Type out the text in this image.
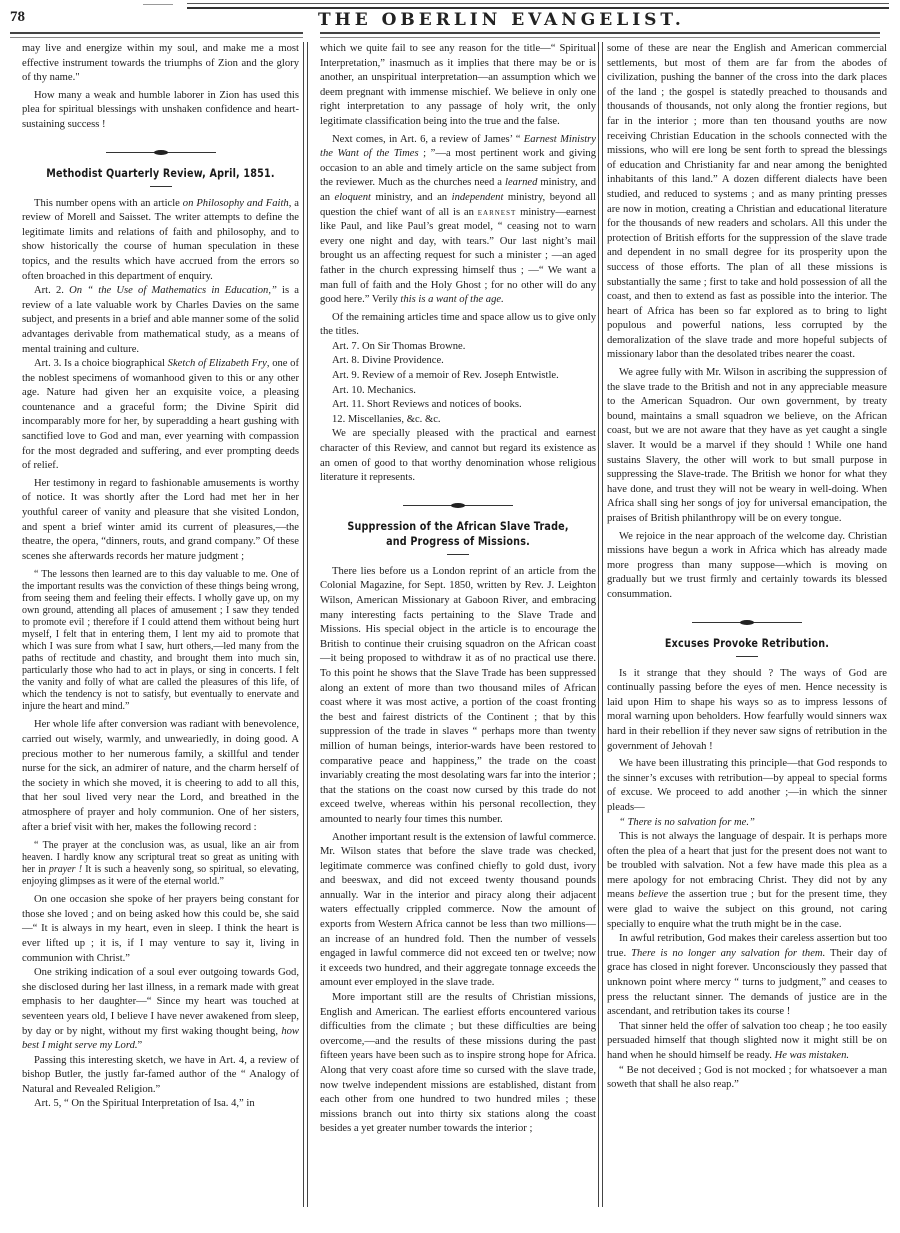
78	THE OBERLIN EVANGELIST.

may live and energize within my soul, and make me a most effective instrument towards the triumphs of Zion and the glory of thy name."

How many a weak and humble laborer in Zion has used this plea for spiritual blessings with unshaken confidence and heart-sustaining success !

Methodist Quarterly Review, April, 1851.

This number opens with an article on Philosophy and Faith, a review of Morell and Saisset. The writer attempts to define the legitimate limits and relations of faith and philosophy, and to show historically the course of human speculation in these topics, and the results which have accrued from the errors so often broached in this department of enquiry.

Art. 2. On “ the Use of Mathematics in Education,” is a review of a late valuable work by Charles Davies on the same subject, and presents in a brief and able manner some of the solid advantages derivable from mathematical study, as a means of mental training and culture.

Art. 3. Is a choice biographical Sketch of Elizabeth Fry, one of the noblest specimens of womanhood given to this or any other age. Nature had given her an exquisite voice, a pleasing countenance and a graceful form; the Divine Spirit did incomparably more for her, by superadding a heart gushing with sanctified love to God and man, ever yearning with compassion for the most degraded and suffering, and ever prompting deeds of relief.

Her testimony in regard to fashionable amusements is worthy of notice. It was shortly after the Lord had met her in her youthful career of vanity and pleasure that she visited London, and spent a brief winter amid its current of pleasures,—the theatre, the opera, “dinners, routs, and grand company.” Of these scenes she afterwards records her mature judgment ;

“ The lessons then learned are to this day valuable to me. One of the important results was the conviction of these things being wrong, from seeing them and feeling their effects. I wholly gave up, on my own ground, attending all places of amusement ; I saw they tended to promote evil ; therefore if I could attend them without being hurt myself, I felt that in entering them, I lent my aid to promote that which I was sure from what I saw, hurt others,—led many from the paths of rectitude and chastity, and brought them into much sin, particularly those who had to act in plays, or sing in concerts. I felt the vanity and folly of what are called the pleasures of this life, of which the tendency is not to satisfy, but eventually to enervate and injure the heart and mind.”

Her whole life after conversion was radiant with benevolence, carried out wisely, warmly, and unweariedly, in doing good. A precious mother to her numerous family, a skillful and tender nurse for the sick, an admirer of nature, and the charm herself of the society in which she moved, it is cheering to add to all this, that her soul lived very near the Lord, and breathed in the atmosphere of prayer and holy communion. One of her sisters, after a brief visit with her, makes the following record :

“ The prayer at the conclusion was, as usual, like an air from heaven. I hardly know any scriptural treat so great as uniting with her in prayer ! It is such a heavenly song, so spiritual, so elevating, enjoying glimpses as it were of the eternal world.”

On one occasion she spoke of her prayers being constant for those she loved ; and on being asked how this could be, she said—“ It is always in my heart, even in sleep. I think the heart is ever lifted up ; it is, if I may venture to say it, living in communion with Christ.”

One striking indication of a soul ever outgoing towards God, she disclosed during her last illness, in a remark made with great emphasis to her daughter—“ Since my heart was touched at seventeen years old, I believe I have never awakened from sleep, by day or by night, without my first waking thought being, how best I might serve my Lord.”

Passing this interesting sketch, we have in Art. 4, a review of bishop Butler, the justly far-famed author of the “ Analogy of Natural and Revealed Religion.”

Art. 5, “ On the Spiritual Interpretation of Isa. 4,” in

which we quite fail to see any reason for the title—“ Spiritual Interpretation,” inasmuch as it implies that there may be or is another, an unspiritual interpretation—an assumption which we deem pregnant with immense mischief. We believe in only one right interpretation to any passage of holy writ, the only legitimate classification being into the true and the false.

Next comes, in Art. 6, a review of James’ “ Earnest Ministry the Want of the Times ; ”—a most pertinent work and giving occasion to an able and timely article on the same subject from the reviewer. Much as the churches need a learned ministry, and an eloquent ministry, and an independent ministry, beyond all question the chief want of all is an earnest ministry—earnest like Paul, and like Paul’s great model, “ ceasing not to warn every one night and day, with tears.” Our last night’s mail brought us an affecting request for such a minister ; —an aged father in the church expressing himself thus ; —“ We want a man full of faith and the Holy Ghost ; for no other will do any good here.” Verily this is a want of the age.

Of the remaining articles time and space allow us to give only the titles.

Art. 7. On Sir Thomas Browne.

Art. 8. Divine Providence.

Art. 9. Review of a memoir of Rev. Joseph Entwistle.

Art. 10. Mechanics.

Art. 11. Short Reviews and notices of books.

12. Miscellanies, &c. &c.

We are specially pleased with the practical and earnest character of this Review, and cannot but regard its existence as an omen of good to that worthy denomination whose religious literature it represents.

Suppression of the African Slave Trade, and Progress of Missions.

There lies before us a London reprint of an article from the Colonial Magazine, for Sept. 1850, written by Rev. J. Leighton Wilson, American Missionary at Gaboon River, and embracing many interesting facts pertaining to the Slave Trade and Missions. His special object in the article is to encourage the British to continue their cruising squadron on the African coast—it being proposed to withdraw it as of no practical use there. To this point he shows that the Slave Trade has been suppressed along an extent of more than two thousand miles of African coast where it was most active, a portion of the coast fronting the best and fairest districts of the Continent ; that by this suppression of the trade in slaves “ perhaps more than twenty million of human beings, interior-wards have been restored to comparative peace and happiness,” the trade on the coast invariably creating the most desolating wars far into the interior ; that the stations on the coast now cursed by this trade do not exceed twelve, whereas within his personal recollection, they amounted to nearly four times this number.

Another important result is the extension of lawful commerce. Mr. Wilson states that before the slave trade was checked, legitimate commerce was confined chiefly to gold dust, ivory and beeswax, and did not exceed twenty thousand pounds annually. War in the interior and piracy along their adjacent waters effectually crippled commerce. Now the amount of exports from Western Africa cannot be less than two millions—an increase of an hundred fold. Then the number of vessels engaged in lawful commerce did not exceed ten or twelve; now it exceeds two hundred, and their aggregate tonnage exceeds the amount ever employed in the slave trade.

More important still are the results of Christian missions, English and American. The earliest efforts encountered various difficulties from the climate ; but these difficulties are being overcome,—and the results of these missions during the past fifteen years have been such as to inspire strong hope for Africa. Along that very coast afore time so cursed with the slave trade, now twelve independent missions are established, distant from each other from one hundred to two hundred miles ; these missions branch out into thirty six stations along the coast besides a yet greater number towards the interior ;

some of these are near the English and American commercial settlements, but most of them are far from the abodes of civilization, pushing the banner of the cross into the dark places of the land ; the gospel is statedly preached to thousands and thousands of thousands, not only along the frontier regions, but far in the interior ; more than ten thousand youths are now receiving Christian Education in the schools connected with the missions, who will ere long be sent forth to spread the blessings of education and Christianity far and near among the benighted inhabitants of this land.” A dozen different dialects have been studied, and reduced to systems ; and as many printing presses are now in motion, creating a Christian and educational literature for the thousands of new readers and scholars. All this under the protection of British efforts for the suppression of the slave trade and dependent in no small degree for its prosperity upon the success of those efforts. The plan of all these missions is substantially the same ; first to take and hold possession of all the coast, and then to extend as fast as possible into the interior. The heart of Africa has been so far explored as to bring to light populous and powerful nations, less corrupted by the demoralization of the slave trade and more hopeful subjects of missionary labor than the desolated tribes nearer the coast.

We agree fully with Mr. Wilson in ascribing the suppression of the slave trade to the British and not in any appreciable measure to the American Squadron. Our own government, by treaty bound, maintains a small squadron we believe, on the African coast, but we are not aware that they have as yet caught a single slaver. It would be a marvel if they should ! While one hand sustains Slavery, the other will work to but small purpose in suppressing the Slave-trade. The British we honor for what they have done, and trust they will not be weary in well-doing. When Africa shall sing her songs of joy for universal emancipation, the praises of British philanthropy will be on every tongue.

We rejoice in the near approach of the welcome day. Christian missions have begun a work in Africa which has already made more progress than many suppose—which is moving on gradually but we trust firmly and certainly towards its blessed consummation.

Excuses Provoke Retribution.

Is it strange that they should ? The ways of God are continually passing before the eyes of men. Hence necessity is laid upon Him to shape his ways so as to impress lessons of moral warning upon beholders. How fearfully would sinners wax hard in their rebellion if they never saw signs of retribution in the government of Jehovah !

We have been illustrating this principle—that God responds to the sinner’s excuses with retribution—by appeal to special forms of excuse. We proceed to add another ;—in which the sinner pleads—

“ There is no salvation for me.”

This is not always the language of despair. It is perhaps more often the plea of a heart that just for the present does not want to be troubled with salvation. Not a few have made this plea as a mere apology for not embracing Christ. They did not by any means believe the assertion true ; but for the present time, they were glad to waive the subject on this ground, not caring specially to enquire what the truth might be in the case.

In awful retribution, God makes their careless assertion but too true. There is no longer any salvation for them. Their day of grace has closed in night forever. Unconsciously they passed that unknown point where mercy “ turns to judgment,” and ceases to press the reluctant sinner. The demands of justice are in the ascendant, and retribution takes its course !

That sinner held the offer of salvation too cheap ; he too easily persuaded himself that though slighted now it might still be on hand when he should himself be ready. He was mistaken.

“ Be not deceived ; God is not mocked ; for whatsoever a man soweth that shall he also reap.”
